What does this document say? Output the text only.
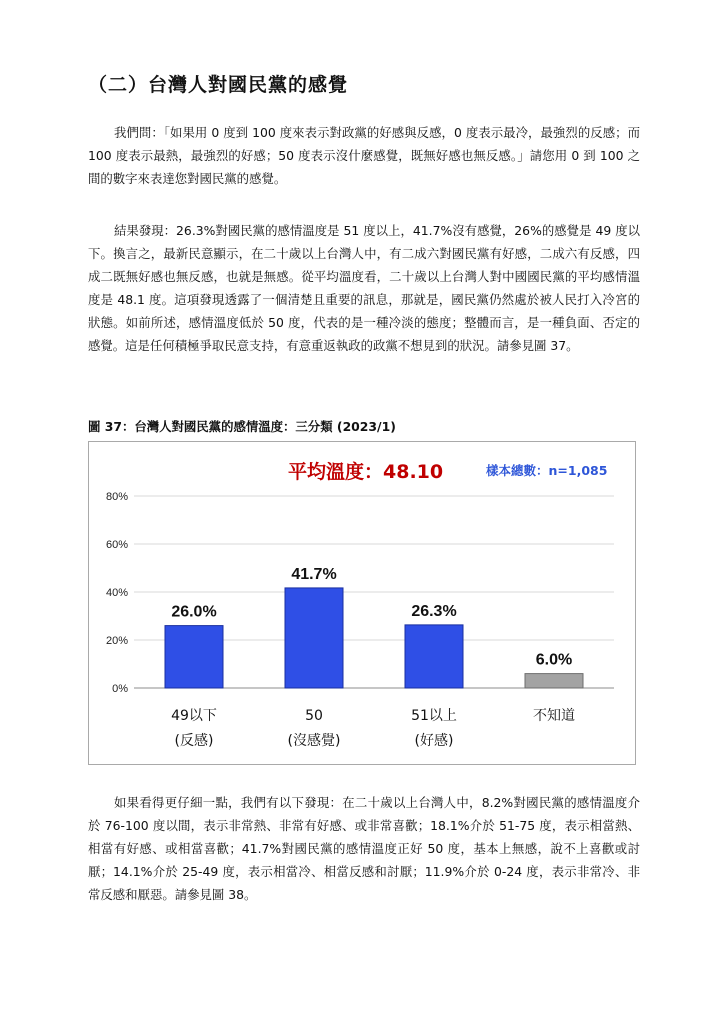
（二）台灣人對國民黨的感覺

我們問：「如果用 0 度到 100 度來表示對政黨的好感與反感，0 度表示最冷，最強烈的反感；而 100 度表示最熱，最強烈的好感；50 度表示沒什麼感覺，既無好感也無反感。」請您用 0 到 100 之間的數字來表達您對國民黨的感覺。

結果發現：26.3%對國民黨的感情溫度是 51 度以上，41.7%沒有感覺，26%的感覺是 49 度以下。換言之，最新民意顯示，在二十歲以上台灣人中，有二成六對國民黨有好感，二成六有反感，四成二既無好感也無反感，也就是無感。從平均溫度看，二十歲以上台灣人對中國國民黨的平均感情溫度是 48.1 度。這項發現透露了一個清楚且重要的訊息，那就是，國民黨仍然處於被人民打入冷宮的狀態。如前所述，感情溫度低於 50 度，代表的是一種冷淡的態度；整體而言，是一種負面、否定的感覺。這是任何積極爭取民意支持，有意重返執政的政黨不想見到的狀況。請參見圖 37。

圖 37：台灣人對國民黨的感情溫度：三分類 (2023/1)
0%
20%
40%
60%
80%
26.0%
49以下
(反感)
41.7%
50
(沒感覺)
26.3%
51以上
(好感)
6.0%
不知道
平均溫度：48.10	樣本總數：n=1,085

如果看得更仔細一點，我們有以下發現：在二十歲以上台灣人中，8.2%對國民黨的感情溫度介於 76-100 度以間，表示非常熱、非常有好感、或非常喜歡；18.1%介於 51-75 度，表示相當熱、相當有好感、或相當喜歡；41.7%對國民黨的感情溫度正好 50 度，基本上無感，說不上喜歡或討厭；14.1%介於 25-49 度，表示相當冷、相當反感和討厭；11.9%介於 0-24 度，表示非常冷、非常反感和厭惡。請參見圖 38。
